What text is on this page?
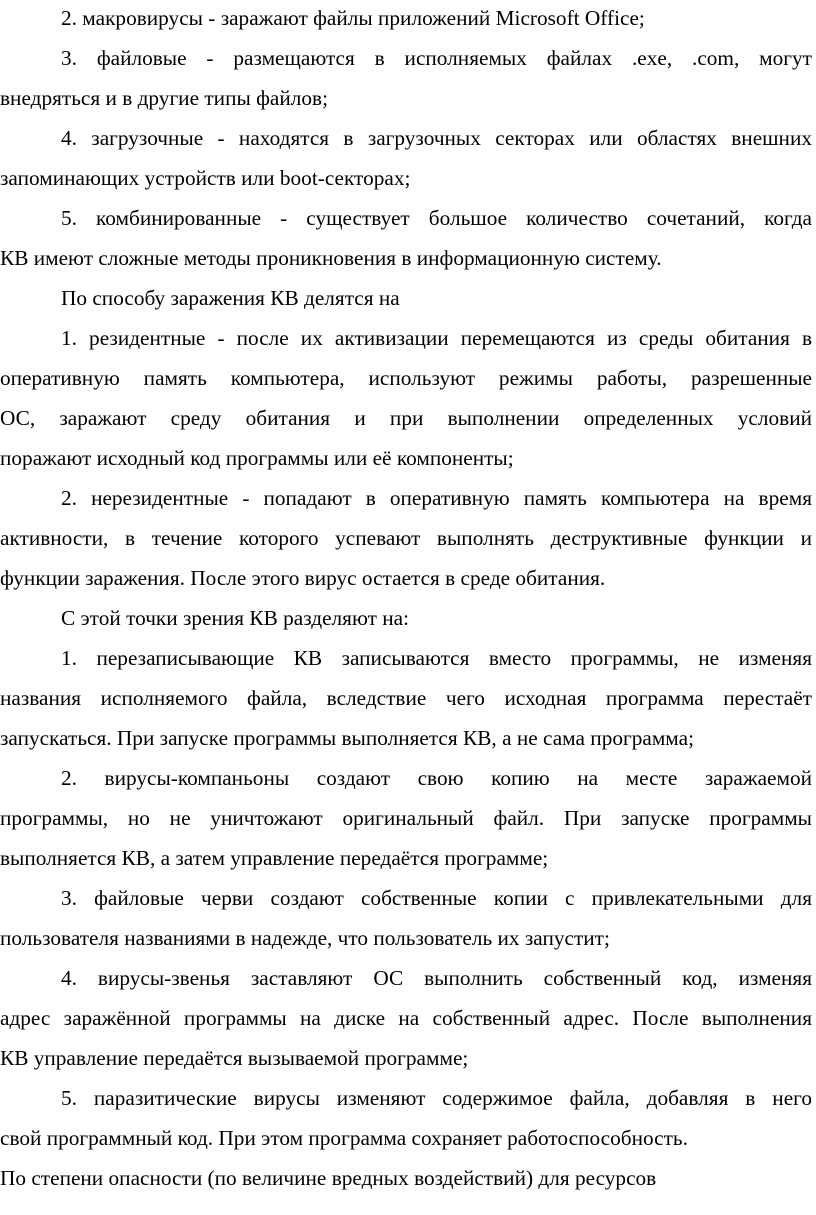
2. макровирусы - заражают файлы приложений Microsoft Office;
3. файловые - размещаются в исполняемых файлах .exe, .com, могут
внедряться и в другие типы файлов;
4. загрузочные - находятся в загрузочных секторах или областях внешних
запоминающих устройств или boot-секторах;
5. комбинированные - существует большое количество сочетаний, когда
КВ имеют сложные методы проникновения в информационную систему.
По способу заражения КВ делятся на
1. резидентные - после их активизации перемещаются из среды обитания в
оперативную память компьютера, используют режимы работы, разрешенные
ОС, заражают среду обитания и при выполнении определенных условий
поражают исходный код программы или её компоненты;
2. нерезидентные - попадают в оперативную память компьютера на время
активности, в течение которого успевают выполнять деструктивные функции и
функции заражения. После этого вирус остается в среде обитания.
С этой точки зрения КВ разделяют на:
1. перезаписывающие КВ записываются вместо программы, не изменяя
названия исполняемого файла, вследствие чего исходная программа перестаёт
запускаться. При запуске программы выполняется КВ, а не сама программа;
2. вирусы-компаньоны создают свою копию на месте заражаемой
программы, но не уничтожают оригинальный файл. При запуске программы
выполняется КВ, а затем управление передаётся программе;
3. файловые черви создают собственные копии с привлекательными для
пользователя названиями в надежде, что пользователь их запустит;
4. вирусы-звенья заставляют ОС выполнить собственный код, изменяя
адрес заражённой программы на диске на собственный адрес. После выполнения
КВ управление передаётся вызываемой программе;
5. паразитические вирусы изменяют содержимое файла, добавляя в него
свой программный код. При этом программа сохраняет работоспособность.
По степени опасности (по величине вредных воздействий) для ресурсов
